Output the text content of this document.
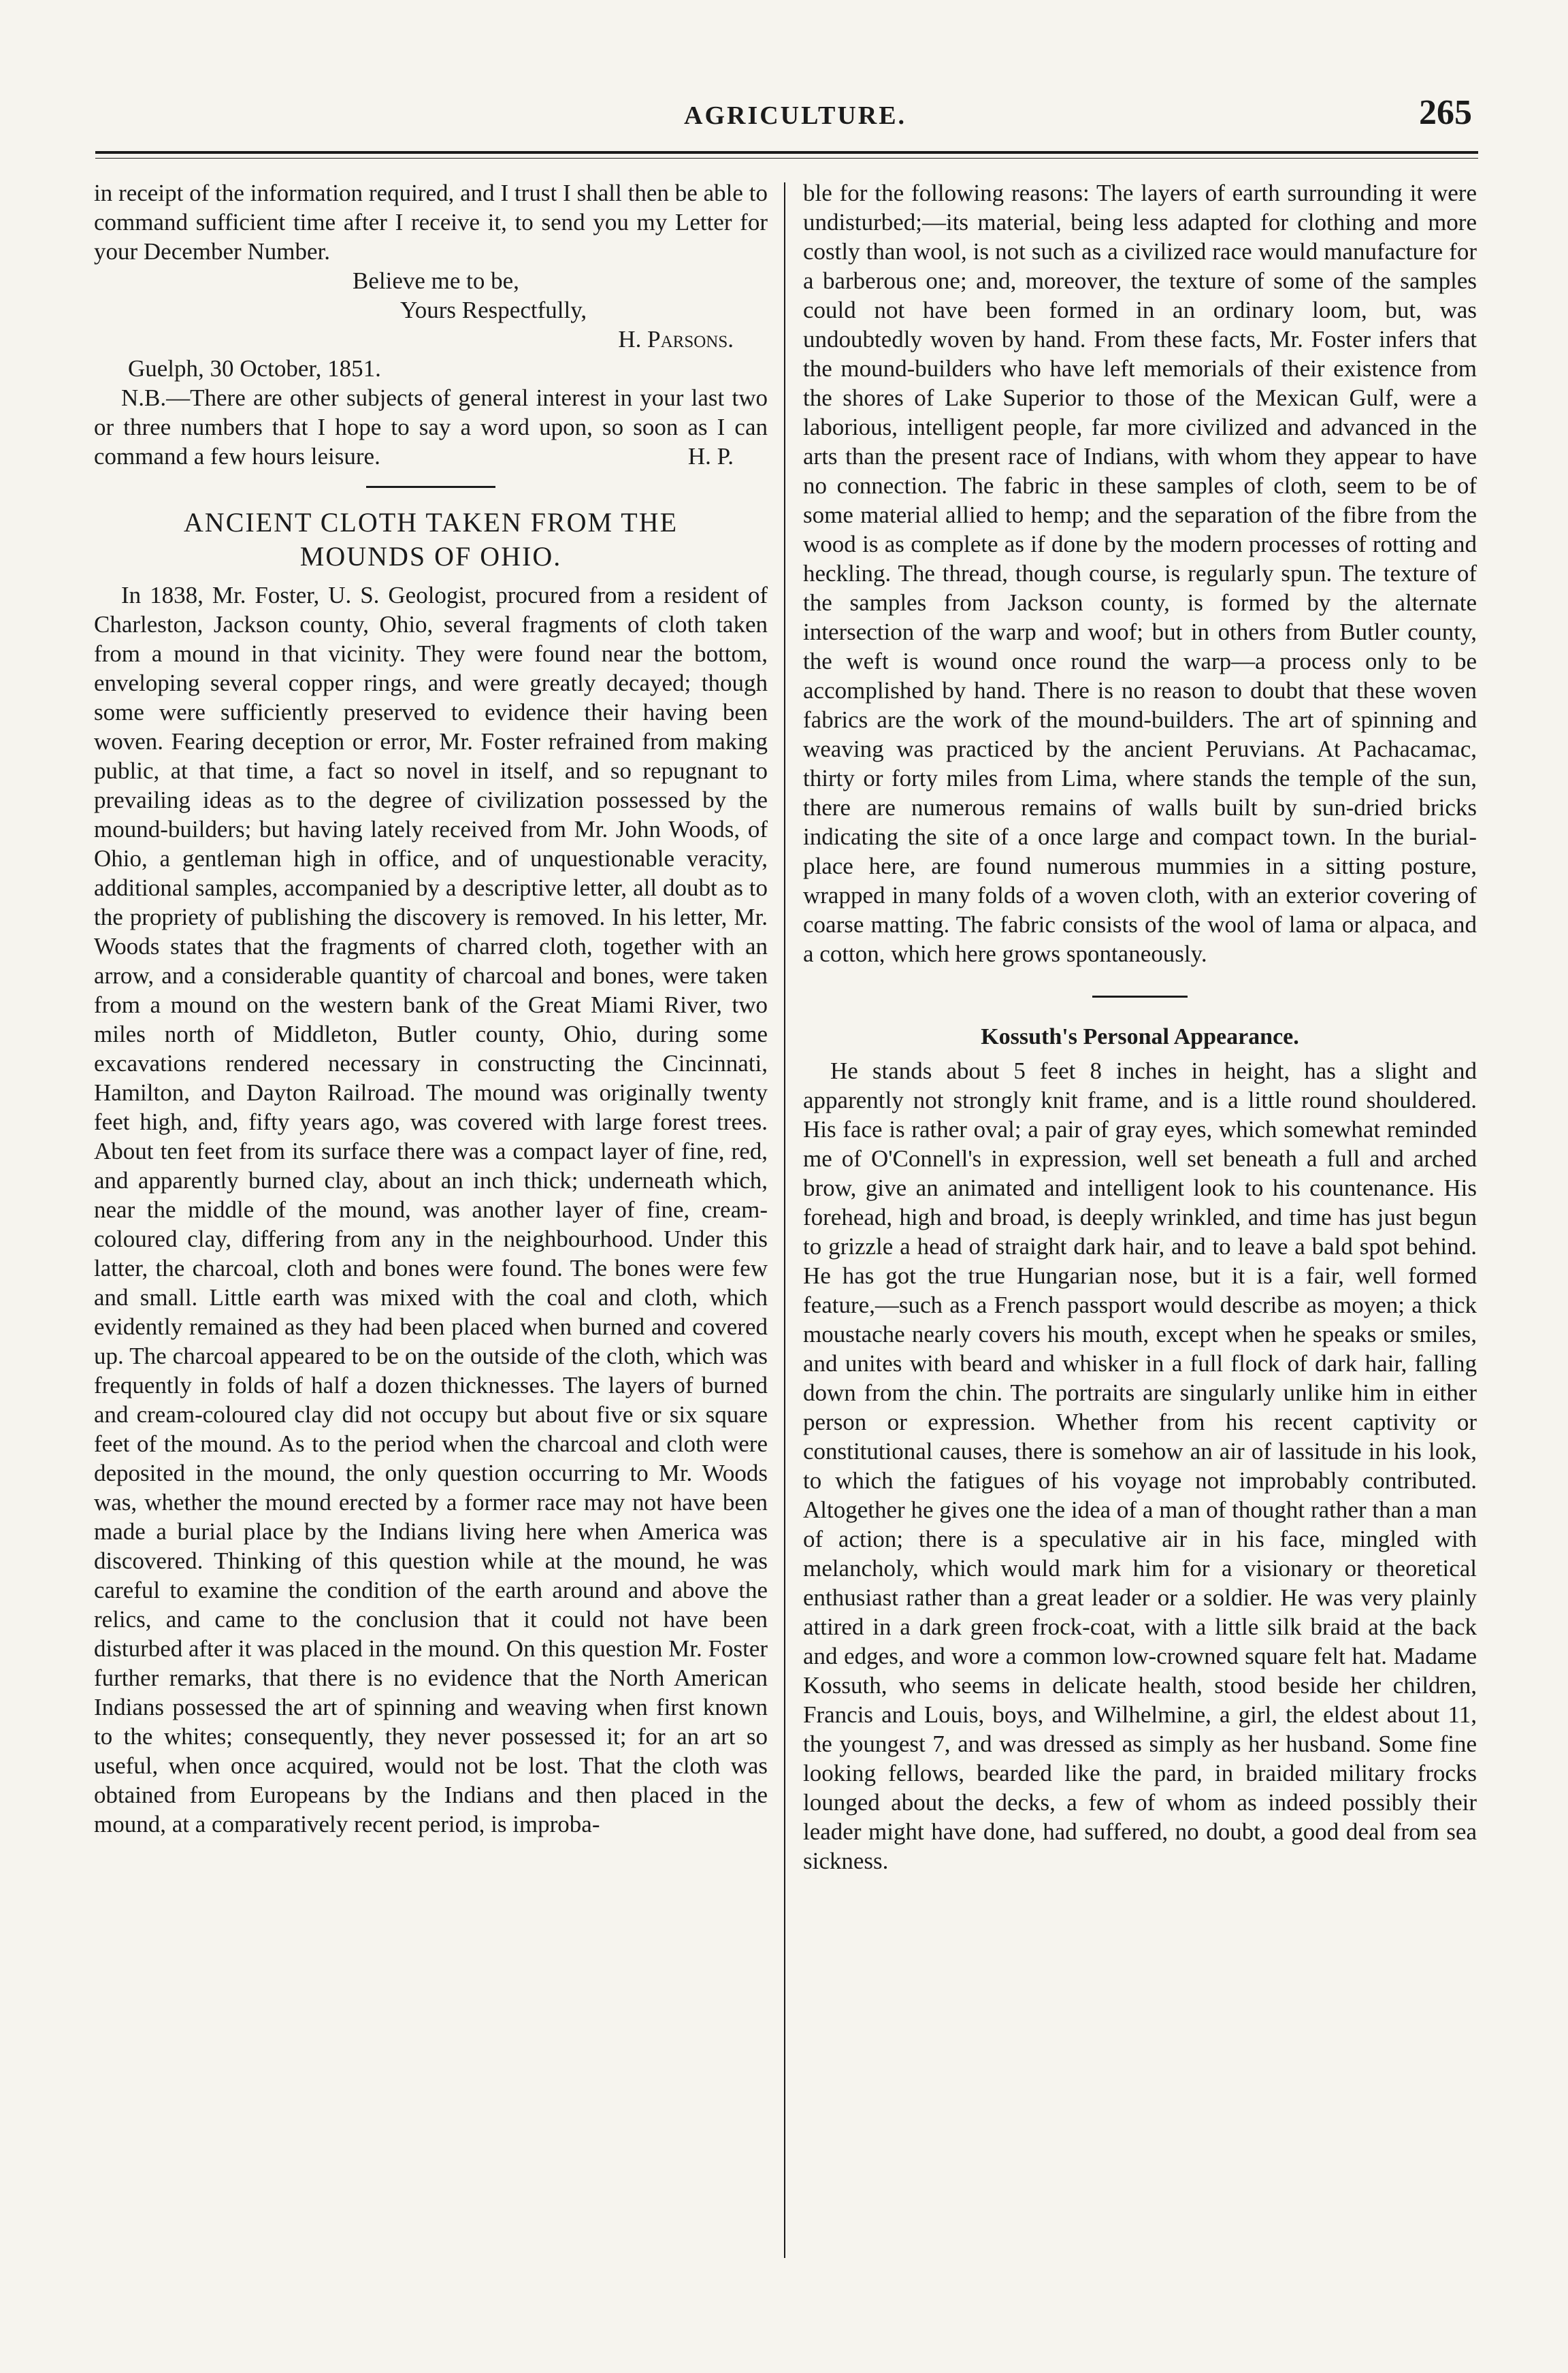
AGRICULTURE.	265

in receipt of the information required, and I trust I shall then be able to command sufficient time after I receive it, to send you my Letter for your December Number.

Believe me to be,

Yours Respectfully,

H. Parsons.

Guelph, 30 October, 1851.

N.B.—There are other subjects of general interest in your last two or three numbers that I hope to say a word upon, so soon as I can command a few hours leisure.	H. P.

ANCIENT CLOTH TAKEN FROM THE
MOUNDS OF OHIO.

In 1838, Mr. Foster, U. S. Geologist, procured from a resident of Charleston, Jackson county, Ohio, several fragments of cloth taken from a mound in that vicinity. They were found near the bottom, enveloping several copper rings, and were greatly decayed; though some were sufficiently preserved to evidence their having been woven. Fearing deception or error, Mr. Foster refrained from making public, at that time, a fact so novel in itself, and so repugnant to prevailing ideas as to the degree of civilization possessed by the mound-builders; but having lately received from Mr. John Woods, of Ohio, a gentleman high in office, and of unquestionable veracity, additional samples, accompanied by a descriptive letter, all doubt as to the propriety of publishing the discovery is removed. In his letter, Mr. Woods states that the fragments of charred cloth, together with an arrow, and a considerable quantity of charcoal and bones, were taken from a mound on the western bank of the Great Miami River, two miles north of Middleton, Butler county, Ohio, during some excavations rendered necessary in constructing the Cincinnati, Hamilton, and Dayton Railroad. The mound was originally twenty feet high, and, fifty years ago, was covered with large forest trees. About ten feet from its surface there was a compact layer of fine, red, and apparently burned clay, about an inch thick; underneath which, near the middle of the mound, was another layer of fine, cream-coloured clay, differing from any in the neighbourhood. Under this latter, the charcoal, cloth and bones were found. The bones were few and small. Little earth was mixed with the coal and cloth, which evidently remained as they had been placed when burned and covered up. The charcoal appeared to be on the outside of the cloth, which was frequently in folds of half a dozen thicknesses. The layers of burned and cream-coloured clay did not occupy but about five or six square feet of the mound. As to the period when the charcoal and cloth were deposited in the mound, the only question occurring to Mr. Woods was, whether the mound erected by a former race may not have been made a burial place by the Indians living here when America was discovered. Thinking of this question while at the mound, he was careful to examine the condition of the earth around and above the relics, and came to the conclusion that it could not have been disturbed after it was placed in the mound. On this question Mr. Foster further remarks, that there is no evidence that the North American Indians possessed the art of spinning and weaving when first known to the whites; consequently, they never possessed it; for an art so useful, when once acquired, would not be lost. That the cloth was obtained from Europeans by the Indians and then placed in the mound, at a comparatively recent period, is improba-

ble for the following reasons: The layers of earth surrounding it were undisturbed;—its material, being less adapted for clothing and more costly than wool, is not such as a civilized race would manufacture for a barberous one; and, moreover, the texture of some of the samples could not have been formed in an ordinary loom, but, was undoubtedly woven by hand. From these facts, Mr. Foster infers that the mound-builders who have left memorials of their existence from the shores of Lake Superior to those of the Mexican Gulf, were a laborious, intelligent people, far more civilized and advanced in the arts than the present race of Indians, with whom they appear to have no connection. The fabric in these samples of cloth, seem to be of some material allied to hemp; and the separation of the fibre from the wood is as complete as if done by the modern processes of rotting and heckling. The thread, though course, is regularly spun. The texture of the samples from Jackson county, is formed by the alternate intersection of the warp and woof; but in others from Butler county, the weft is wound once round the warp—a process only to be accomplished by hand. There is no reason to doubt that these woven fabrics are the work of the mound-builders. The art of spinning and weaving was practiced by the ancient Peruvians. At Pachacamac, thirty or forty miles from Lima, where stands the temple of the sun, there are numerous remains of walls built by sun-dried bricks indicating the site of a once large and compact town. In the burial-place here, are found numerous mummies in a sitting posture, wrapped in many folds of a woven cloth, with an exterior covering of coarse matting. The fabric consists of the wool of lama or alpaca, and a cotton, which here grows spontaneously.

Kossuth's Personal Appearance.

He stands about 5 feet 8 inches in height, has a slight and apparently not strongly knit frame, and is a little round shouldered. His face is rather oval; a pair of gray eyes, which somewhat reminded me of O'Connell's in expression, well set beneath a full and arched brow, give an animated and intelligent look to his countenance. His forehead, high and broad, is deeply wrinkled, and time has just begun to grizzle a head of straight dark hair, and to leave a bald spot behind. He has got the true Hungarian nose, but it is a fair, well formed feature,—such as a French passport would describe as moyen; a thick moustache nearly covers his mouth, except when he speaks or smiles, and unites with beard and whisker in a full flock of dark hair, falling down from the chin. The portraits are singularly unlike him in either person or expression. Whether from his recent captivity or constitutional causes, there is somehow an air of lassitude in his look, to which the fatigues of his voyage not improbably contributed. Altogether he gives one the idea of a man of thought rather than a man of action; there is a speculative air in his face, mingled with melancholy, which would mark him for a visionary or theoretical enthusiast rather than a great leader or a soldier. He was very plainly attired in a dark green frock-coat, with a little silk braid at the back and edges, and wore a common low-crowned square felt hat. Madame Kossuth, who seems in delicate health, stood beside her children, Francis and Louis, boys, and Wilhelmine, a girl, the eldest about 11, the youngest 7, and was dressed as simply as her husband. Some fine looking fellows, bearded like the pard, in braided military frocks lounged about the decks, a few of whom as indeed possibly their leader might have done, had suffered, no doubt, a good deal from sea sickness.
